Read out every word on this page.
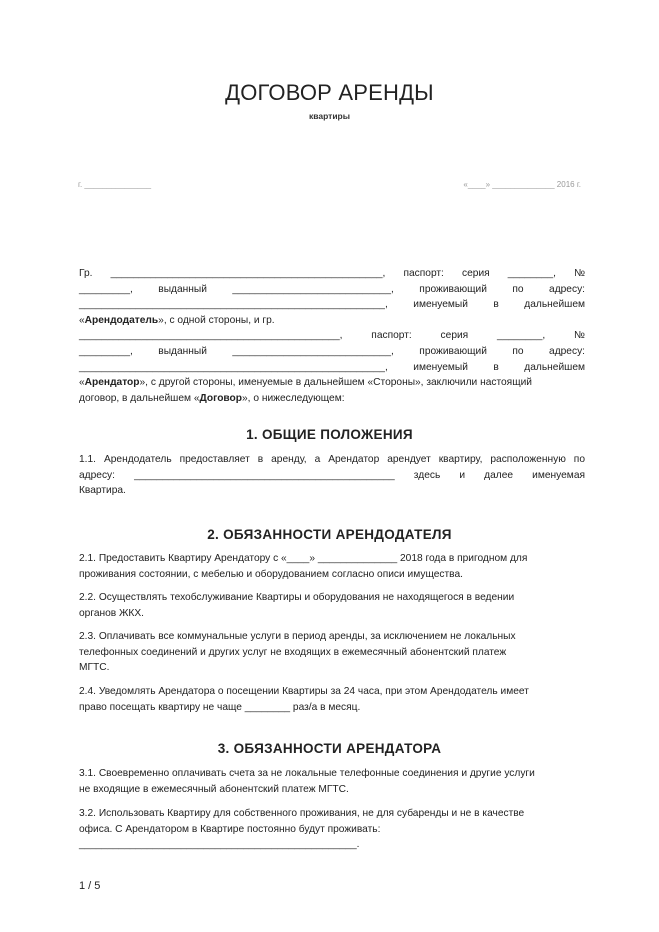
ДОГОВОР АРЕНДЫ
квартиры
г. _______________	«____» ______________ 2016 г.
Гр. ________________________________________________, паспорт: серия ________, №
_________, выданный ____________________________, проживающий по адресу:
______________________________________________________, именуемый в дальнейшем
«Арендодатель», с одной стороны, и гр.
______________________________________________, паспорт: серия ________, №
_________, выданный ____________________________, проживающий по адресу:
______________________________________________________, именуемый в дальнейшем
«Арендатор», с другой стороны, именуемые в дальнейшем «Стороны», заключили настоящий
договор, в дальнейшем «Договор», о нижеследующем:
1. ОБЩИЕ ПОЛОЖЕНИЯ
1.1. Арендодатель предоставляет в аренду, а Арендатор арендует квартиру, расположенную по
адресу: ______________________________________________ здесь и далее именуемая
Квартира.
2. ОБЯЗАННОСТИ АРЕНДОДАТЕЛЯ
2.1. Предоставить Квартиру Арендатору с «____» ______________ 2018 года в пригодном для
проживания состоянии, с мебелью и оборудованием согласно описи имущества.
2.2. Осуществлять техобслуживание Квартиры и оборудования не находящегося в ведении
органов ЖКХ.
2.3. Оплачивать все коммунальные услуги в период аренды, за исключением не локальных
телефонных соединений и других услуг не входящих в ежемесячный абонентский платеж
МГТС.
2.4. Уведомлять Арендатора о посещении Квартиры за 24 часа, при этом Арендодатель имеет
право посещать квартиру не чаще ________ раз/а в месяц.
3. ОБЯЗАННОСТИ АРЕНДАТОРА
3.1. Своевременно оплачивать счета за не локальные телефонные соединения и другие услуги
не входящие в ежемесячный абонентский платеж МГТС.
3.2. Использовать Квартиру для собственного проживания, не для субаренды и не в качестве
офиса. С Арендатором в Квартире постоянно будут проживать:
_________________________________________________.
1 / 5
